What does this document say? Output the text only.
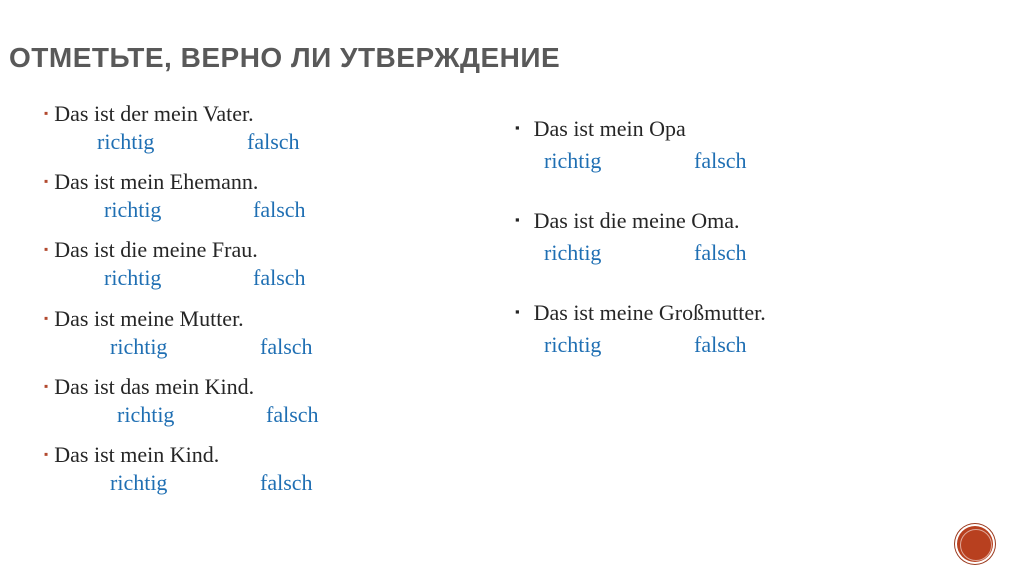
ОТМЕТЬТЕ, ВЕРНО ЛИ УТВЕРЖДЕНИЕ
▪ Das ist der mein Vater.
richtig	falsch
▪ Das ist mein Ehemann.
richtig	falsch
▪ Das ist die meine Frau.
richtig	falsch
▪ Das ist meine Mutter.
richtig	falsch
▪ Das ist das mein Kind.
richtig	falsch
▪ Das ist mein Kind.
richtig	falsch
▪ Das ist mein Opa
richtig	falsch
▪ Das ist die meine Oma.
richtig	falsch
▪ Das ist meine Großmutter.
richtig	falsch
